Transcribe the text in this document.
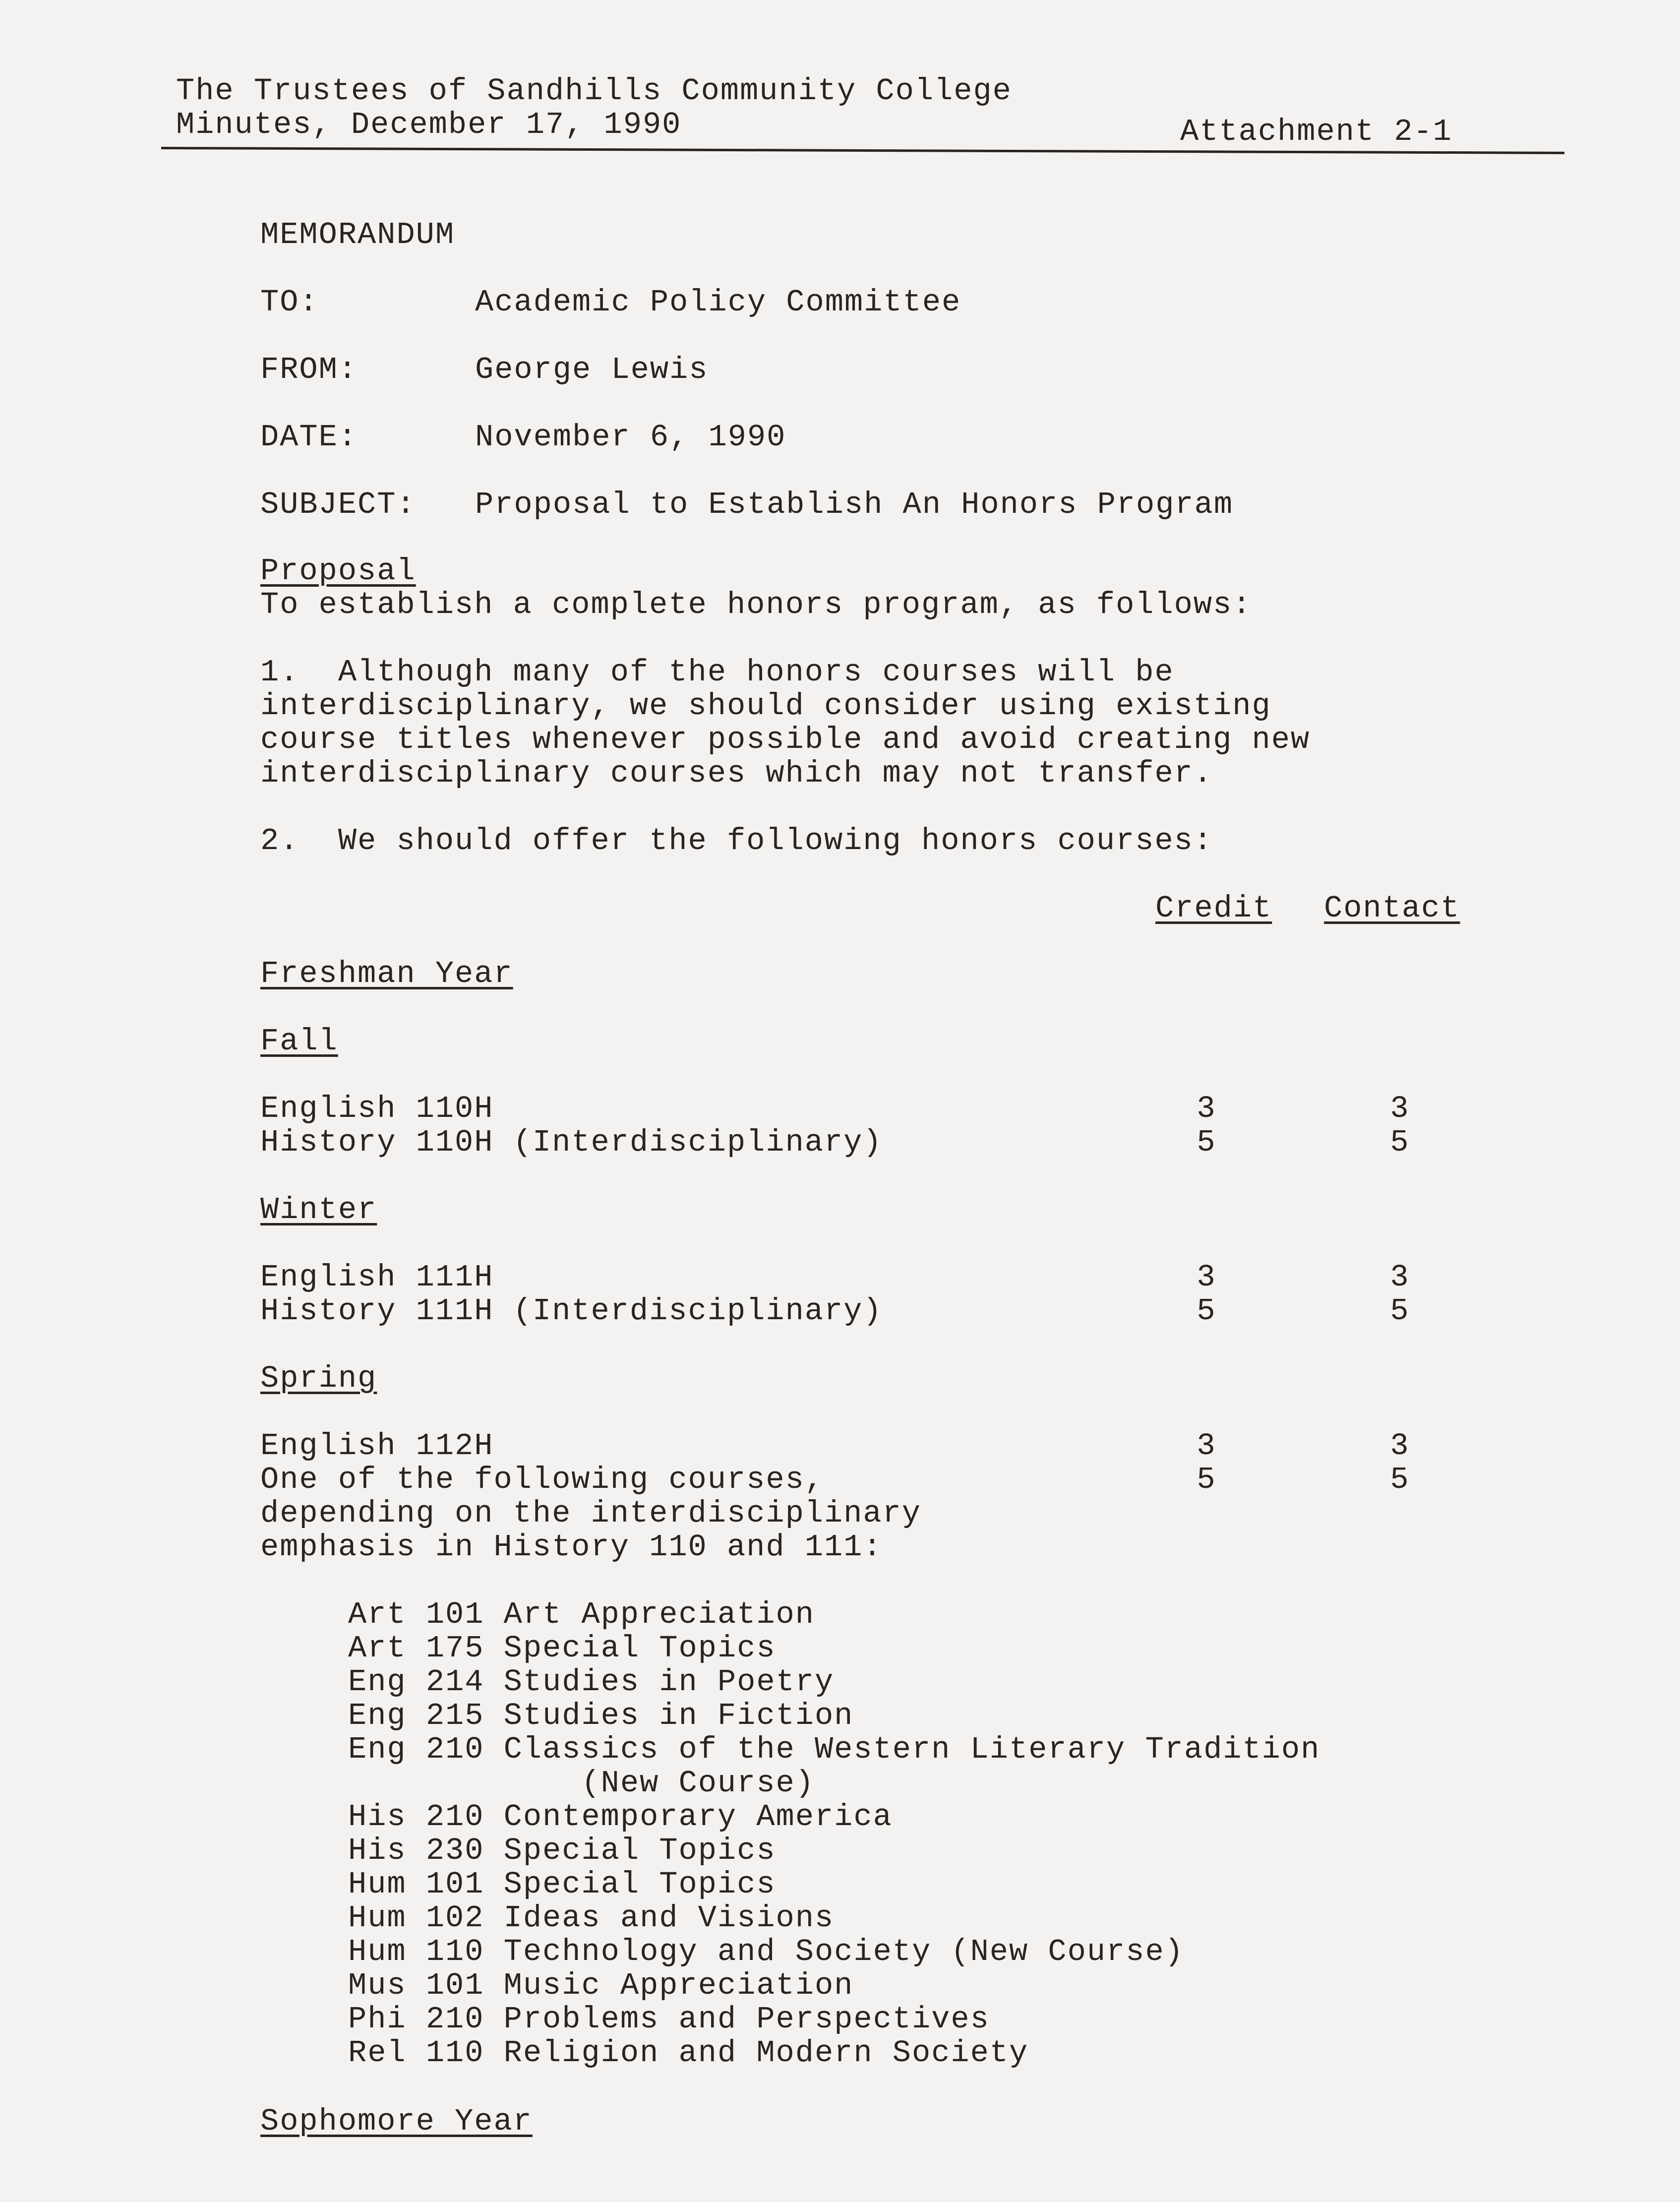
The Trustees of Sandhills Community College
Minutes, December 17, 1990	Attachment 2-1
MEMORANDUM
TO:	Academic Policy Committee
FROM:	George Lewis
DATE:	November 6, 1990
SUBJECT: Proposal to Establish An Honors Program
Proposal
To establish a complete honors program, as follows:
1.  Although many of the honors courses will be
interdisciplinary, we should consider using existing
course titles whenever possible and avoid creating new
interdisciplinary courses which may not transfer.
2.  We should offer the following honors courses:
Credit Contact
Freshman Year
Fall
English 110H	3	3
History 110H (Interdisciplinary)	5	5
Winter
English 111H	3	3
History 111H (Interdisciplinary)	5	5
Spring
English 112H	3	3
One of the following courses,	5	5
depending on the interdisciplinary
emphasis in History 110 and 111:
Art 101 Art Appreciation
Art 175 Special Topics
Eng 214 Studies in Poetry
Eng 215 Studies in Fiction
Eng 210 Classics of the Western Literary Tradition
(New Course)
His 210 Contemporary America
His 230 Special Topics
Hum 101 Special Topics
Hum 102 Ideas and Visions
Hum 110 Technology and Society (New Course)
Mus 101 Music Appreciation
Phi 210 Problems and Perspectives
Rel 110 Religion and Modern Society
Sophomore Year
